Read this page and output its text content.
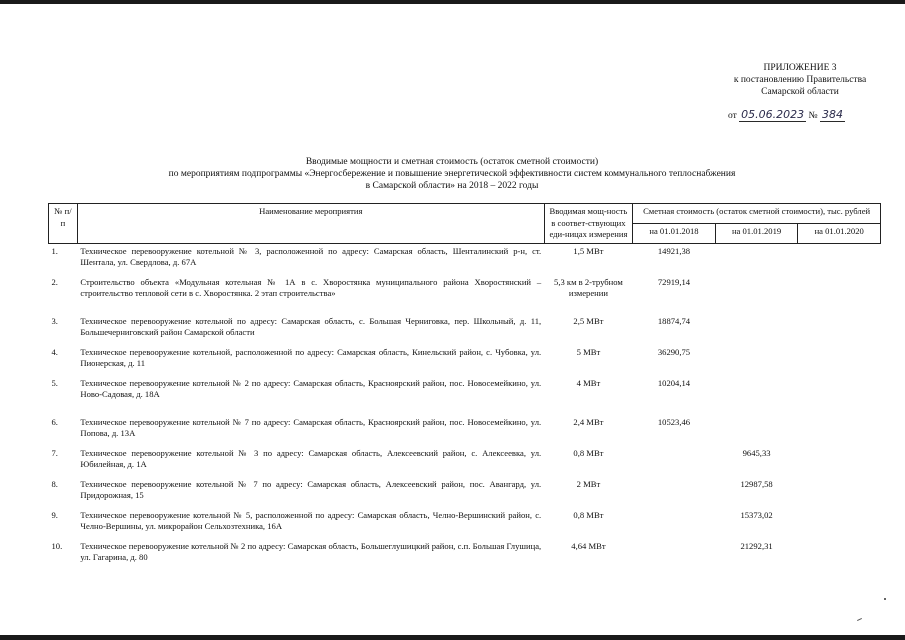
ПРИЛОЖЕНИЕ 3
к постановлению Правительства
Самарской области
от 05.06.2023 № 384
Вводимые мощности и сметная стоимость (остаток сметной стоимости)
по мероприятиям подпрограммы «Энергосбережение и повышение энергетической эффективности систем коммунального теплоснабжения
в Самарской области» на 2018 – 2022 годы
№ п/п	Наименование мероприятия	Вводимая мощ-ность в соответ-ствующих еди-ницах измерения	Сметная стоимость (остаток сметной стоимости), тыс. рублей		
			на 01.01.2018	на 01.01.2019	на 01.01.2020
1.	Техническое перевооружение котельной № 3, расположенной по адресу: Самарская область, Шенталинский р-н, ст. Шентала, ул. Свердлова, д. 67А	1,5 МВт	14921,38		
2.	Строительство объекта «Модульная котельная № 1А в с. Хворостянка муниципального района Хворостянский – строительство тепловой сети в с. Хворостянка. 2 этап строительства»	5,3 км в 2-трубном измерении	72919,14		
3.	Техническое перевооружение котельной по адресу: Самарская область, с. Большая Черниговка, пер. Школьный, д. 11, Большечерниговский район Самарской области	2,5 МВт	18874,74		
4.	Техническое перевооружение котельной, расположенной по адресу: Самарская область, Кинельский район, с. Чубовка, ул. Пионерская, д. 11	5 МВт	36290,75		
5.	Техническое перевооружение котельной № 2 по адресу: Самарская область, Красноярский район, пос. Новосемейкино, ул. Ново-Садовая, д. 18А	4 МВт	10204,14		
6.	Техническое перевооружение котельной № 7 по адресу: Самарская область, Красноярский район, пос. Новосемейкино, ул. Попова, д. 13А	2,4 МВт	10523,46		
7.	Техническое перевооружение котельной № 3 по адресу: Самарская область, Алексеевский район, с. Алексеевка, ул. Юбилейная, д. 1А	0,8 МВт		9645,33	
8.	Техническое перевооружение котельной № 7 по адресу: Самарская область, Алексеевский район, пос. Авангард, ул. Придорожная, 15	2 МВт		12987,58	
9.	Техническое перевооружение котельной № 5, расположенной по адресу: Самарская область, Челно-Вершинский район, с. Челно-Вершины, ул. микрорайон Сельхозтехника, 16А	0,8 МВт		15373,02	
10.	Техническое перевооружение котельной № 2 по адресу: Самарская область, Большеглушицкий район, с.п. Большая Глушица, ул. Гагарина, д. 80	4,64 МВт		21292,31	
